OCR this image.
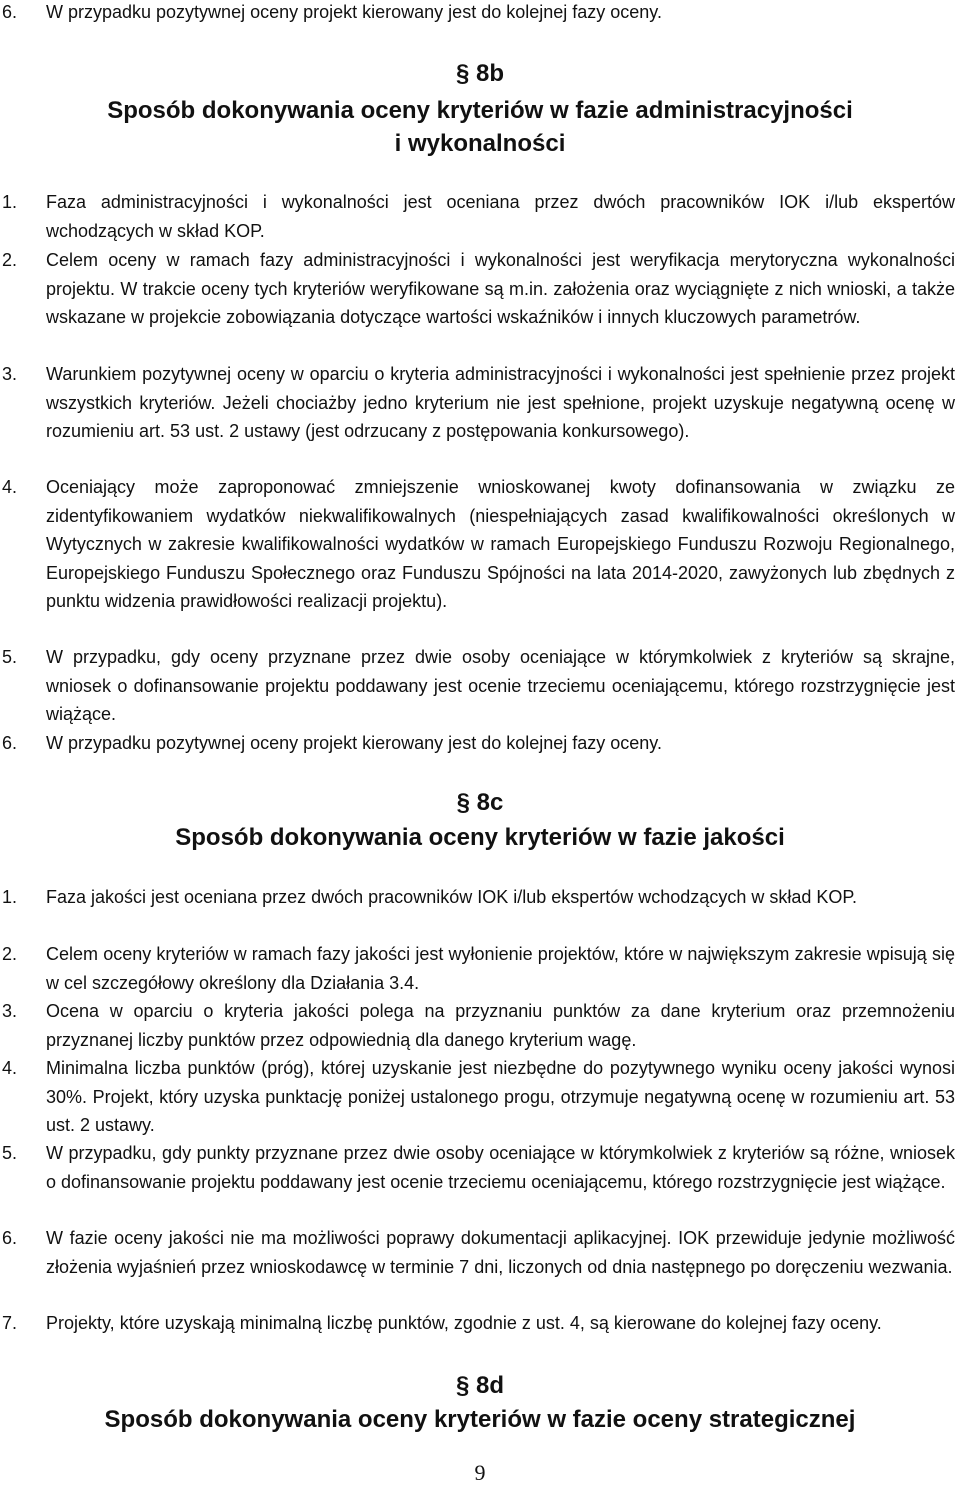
6.	W przypadku pozytywnej oceny projekt kierowany jest do kolejnej fazy oceny.
§ 8b
Sposób dokonywania oceny kryteriów w fazie administracyjności
i wykonalności
1.	Faza administracyjności i wykonalności jest oceniana przez dwóch pracowników IOK i/lub ekspertów wchodzących w skład KOP.
2.	Celem oceny w ramach fazy administracyjności i wykonalności jest weryfikacja merytoryczna wykonalności projektu. W trakcie oceny tych kryteriów weryfikowane są m.in. założenia oraz wyciągnięte z nich wnioski, a także wskazane w projekcie zobowiązania dotyczące wartości wskaźników i innych kluczowych parametrów.
3.	Warunkiem pozytywnej oceny w oparciu o kryteria administracyjności i wykonalności jest spełnienie przez projekt wszystkich kryteriów. Jeżeli chociażby jedno kryterium nie jest spełnione, projekt uzyskuje negatywną ocenę w rozumieniu art. 53 ust. 2 ustawy (jest odrzucany z postępowania konkursowego).
4.	Oceniający może zaproponować zmniejszenie wnioskowanej kwoty dofinansowania w związku ze zidentyfikowaniem wydatków niekwalifikowalnych (niespełniających zasad kwalifikowalności określonych w Wytycznych w zakresie kwalifikowalności wydatków w ramach Europejskiego Funduszu Rozwoju Regionalnego, Europejskiego Funduszu Społecznego oraz Funduszu Spójności na lata 2014-2020, zawyżonych lub zbędnych z punktu widzenia prawidłowości realizacji projektu).
5.	W przypadku, gdy oceny przyznane przez dwie osoby oceniające w którymkolwiek z kryteriów są skrajne, wniosek o dofinansowanie projektu poddawany jest ocenie trzeciemu oceniającemu, którego rozstrzygnięcie jest wiążące.
6.	W przypadku pozytywnej oceny projekt kierowany jest do kolejnej fazy oceny.
§ 8c
Sposób dokonywania oceny kryteriów w fazie jakości
1.	Faza jakości jest oceniana przez dwóch pracowników IOK i/lub ekspertów wchodzących w skład KOP.
2.	Celem oceny kryteriów w ramach fazy jakości jest wyłonienie projektów, które w największym zakresie wpisują się w cel szczegółowy określony dla Działania 3.4.
3.	Ocena w oparciu o kryteria jakości polega na przyznaniu punktów za dane kryterium oraz przemnożeniu przyznanej liczby punktów przez odpowiednią dla danego kryterium wagę.
4.	Minimalna liczba punktów (próg), której uzyskanie jest niezbędne do pozytywnego wyniku oceny jakości wynosi 30%. Projekt, który uzyska punktację poniżej ustalonego progu, otrzymuje negatywną ocenę w rozumieniu art. 53 ust. 2 ustawy.
5.	W przypadku, gdy punkty przyznane przez dwie osoby oceniające w którymkolwiek z kryteriów są różne, wniosek o dofinansowanie projektu poddawany jest ocenie trzeciemu oceniającemu, którego rozstrzygnięcie jest wiążące.
6.	W fazie oceny jakości nie ma możliwości poprawy dokumentacji aplikacyjnej. IOK przewiduje jedynie możliwość złożenia wyjaśnień przez wnioskodawcę w terminie 7 dni, liczonych od dnia następnego po doręczeniu wezwania.
7.	Projekty, które uzyskają minimalną liczbę punktów, zgodnie z ust. 4, są kierowane do kolejnej fazy oceny.
§ 8d
Sposób dokonywania oceny kryteriów w fazie oceny strategicznej
9
